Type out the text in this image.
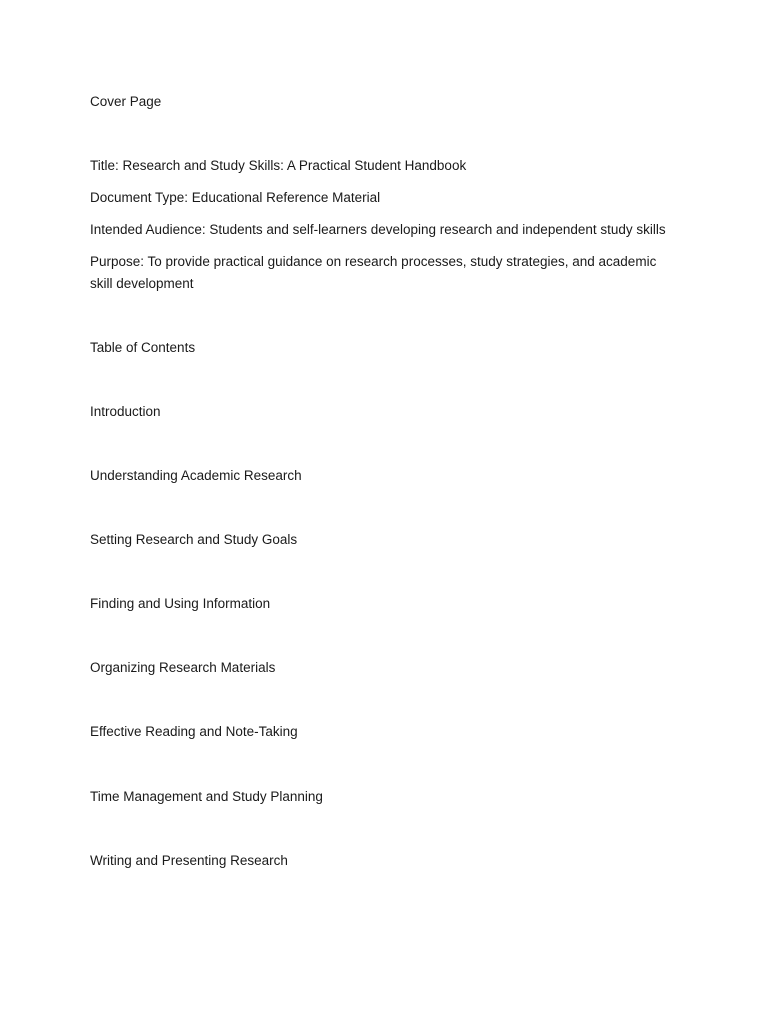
Cover Page

Title: Research and Study Skills: A Practical Student Handbook

Document Type: Educational Reference Material

Intended Audience: Students and self-learners developing research and independent study skills

Purpose: To provide practical guidance on research processes, study strategies, and academic

skill development

Table of Contents

Introduction

Understanding Academic Research

Setting Research and Study Goals

Finding and Using Information

Organizing Research Materials

Effective Reading and Note-Taking

Time Management and Study Planning

Writing and Presenting Research
